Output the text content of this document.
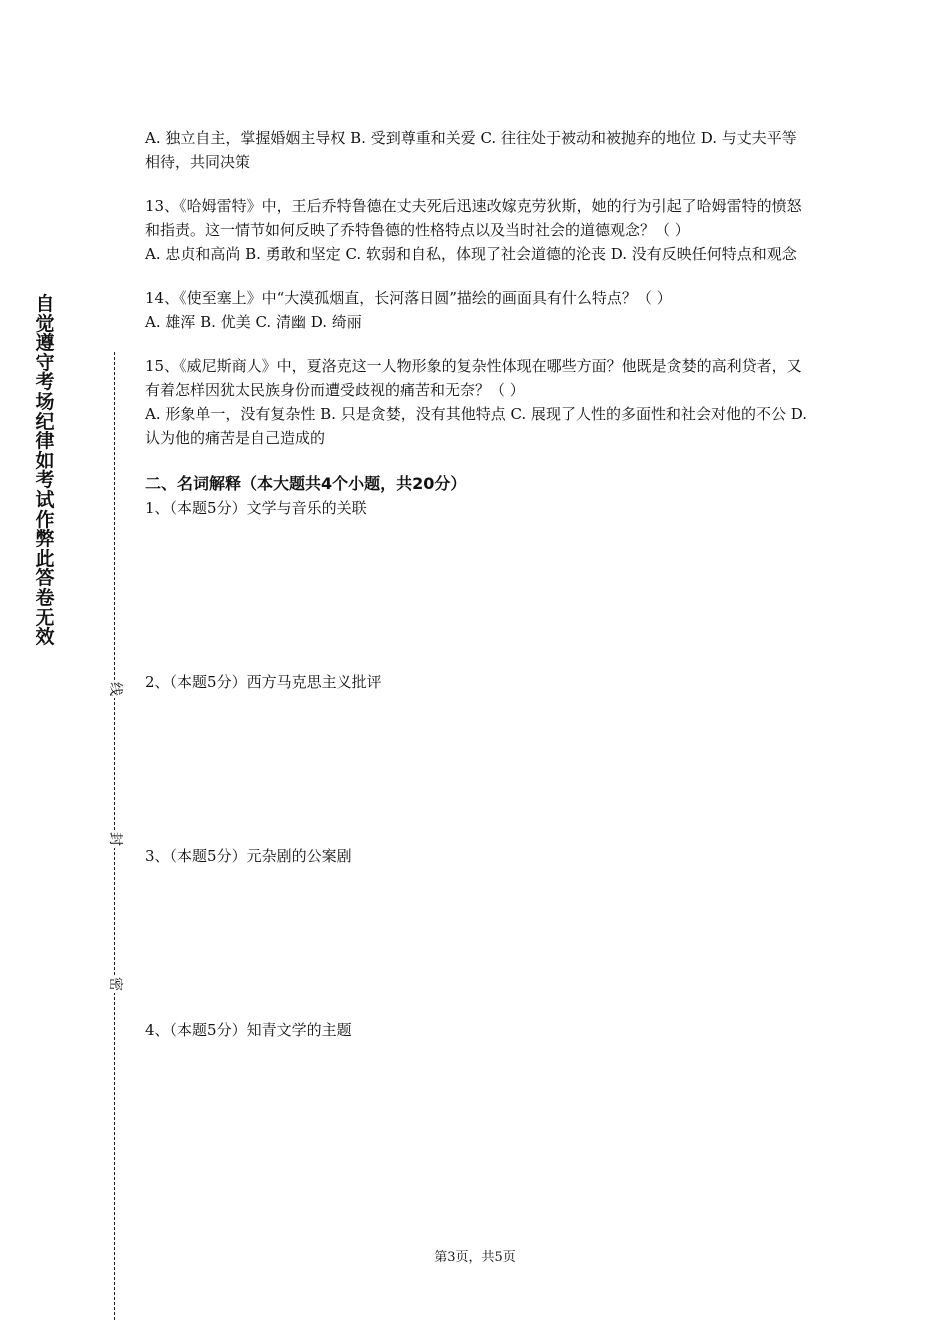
自觉遵守考场纪律如考试作弊此答卷无效
线
封
密

A. 独立自主，掌握婚姻主导权 B. 受到尊重和关爱 C. 往往处于被动和被抛弃的地位 D. 与丈夫平等相待，共同决策

13、《哈姆雷特》中，王后乔特鲁德在丈夫死后迅速改嫁克劳狄斯，她的行为引起了哈姆雷特的愤怒和指责。这一情节如何反映了乔特鲁德的性格特点以及当时社会的道德观念？（ ）

A. 忠贞和高尚 B. 勇敢和坚定 C. 软弱和自私，体现了社会道德的沦丧 D. 没有反映任何特点和观念

14、《使至塞上》中“大漠孤烟直，长河落日圆”描绘的画面具有什么特点？（ ）

A. 雄浑 B. 优美 C. 清幽 D. 绮丽

15、《威尼斯商人》中，夏洛克这一人物形象的复杂性体现在哪些方面？他既是贪婪的高利贷者，又有着怎样因犹太民族身份而遭受歧视的痛苦和无奈？（ ）

A. 形象单一，没有复杂性 B. 只是贪婪，没有其他特点 C. 展现了人性的多面性和社会对他的不公 D. 认为他的痛苦是自己造成的

二、名词解释（本大题共4个小题，共20分）

1、（本题5分）文学与音乐的关联

2、（本题5分）西方马克思主义批评

3、（本题5分）元杂剧的公案剧

4、（本题5分）知青文学的主题

第3页，共5页
